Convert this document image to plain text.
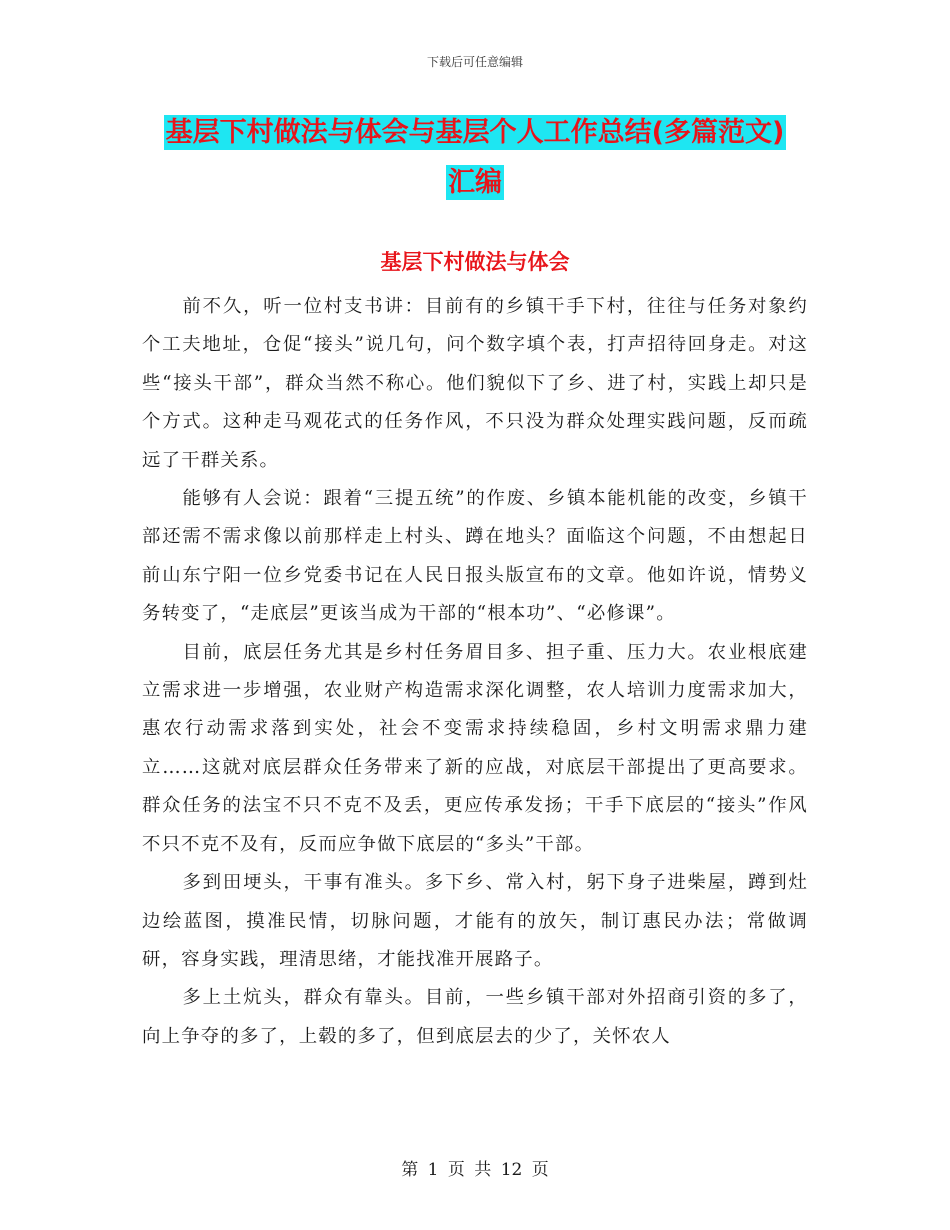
下载后可任意编辑
基层下村做法与体会与基层个人工作总结(多篇范文)
汇编
基层下村做法与体会

前不久，听一位村支书讲：目前有的乡镇干手下村，往往与任务对象约个工夫地址，仓促“接头”说几句，问个数字填个表，打声招待回身走。对这些“接头干部”，群众当然不称心。他们貌似下了乡、进了村，实践上却只是个方式。这种走马观花式的任务作风，不只没为群众处理实践问题，反而疏远了干群关系。

能够有人会说：跟着“三提五统”的作废、乡镇本能机能的改变，乡镇干部还需不需求像以前那样走上村头、蹲在地头？面临这个问题，不由想起日前山东宁阳一位乡党委书记在人民日报头版宣布的文章。他如许说，情势义务转变了，“走底层”更该当成为干部的“根本功”、“必修课”。

目前，底层任务尤其是乡村任务眉目多、担子重、压力大。农业根底建立需求进一步增强，农业财产构造需求深化调整，农人培训力度需求加大，惠农行动需求落到实处，社会不变需求持续稳固，乡村文明需求鼎力建立……这就对底层群众任务带来了新的应战，对底层干部提出了更高要求。群众任务的法宝不只不克不及丢，更应传承发扬；干手下底层的“接头”作风不只不克不及有，反而应争做下底层的“多头”干部。

多到田埂头，干事有准头。多下乡、常入村，躬下身子进柴屋，蹲到灶边绘蓝图，摸准民情，切脉问题，才能有的放矢，制订惠民办法；常做调研，容身实践，理清思绪，才能找准开展路子。

多上土炕头，群众有靠头。目前，一些乡镇干部对外招商引资的多了，向上争夺的多了，上毂的多了，但到底层去的少了，关怀农人

第 1 页 共 12 页
